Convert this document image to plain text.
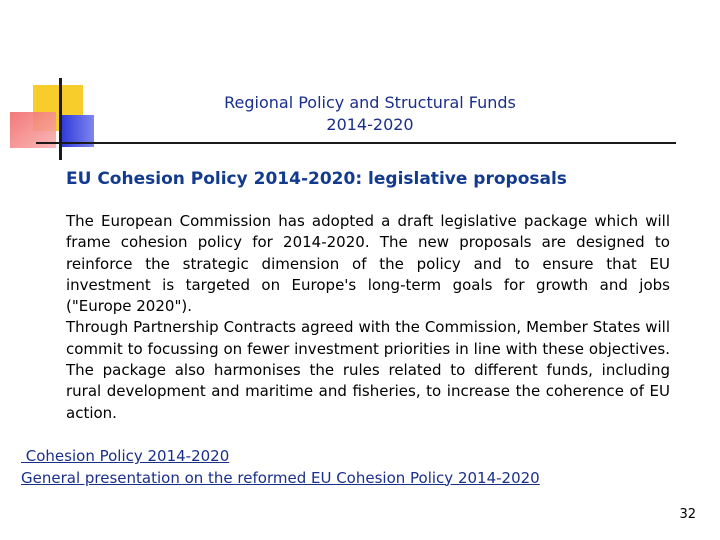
Regional Policy and Structural Funds
2014-2020
EU Cohesion Policy 2014-2020: legislative proposals

The European Commission has adopted a draft legislative package which will frame cohesion policy for 2014-2020. The new proposals are designed to reinforce the strategic dimension of the policy and to ensure that EU investment is targeted on Europe's long-term goals for growth and jobs ("Europe 2020").

Through Partnership Contracts agreed with the Commission, Member States will commit to focussing on fewer investment priorities in line with these objectives. The package also harmonises the rules related to different funds, including rural development and maritime and fisheries, to increase the coherence of EU action.

Cohesion Policy 2014-2020
General presentation on the reformed EU Cohesion Policy 2014-2020
32
